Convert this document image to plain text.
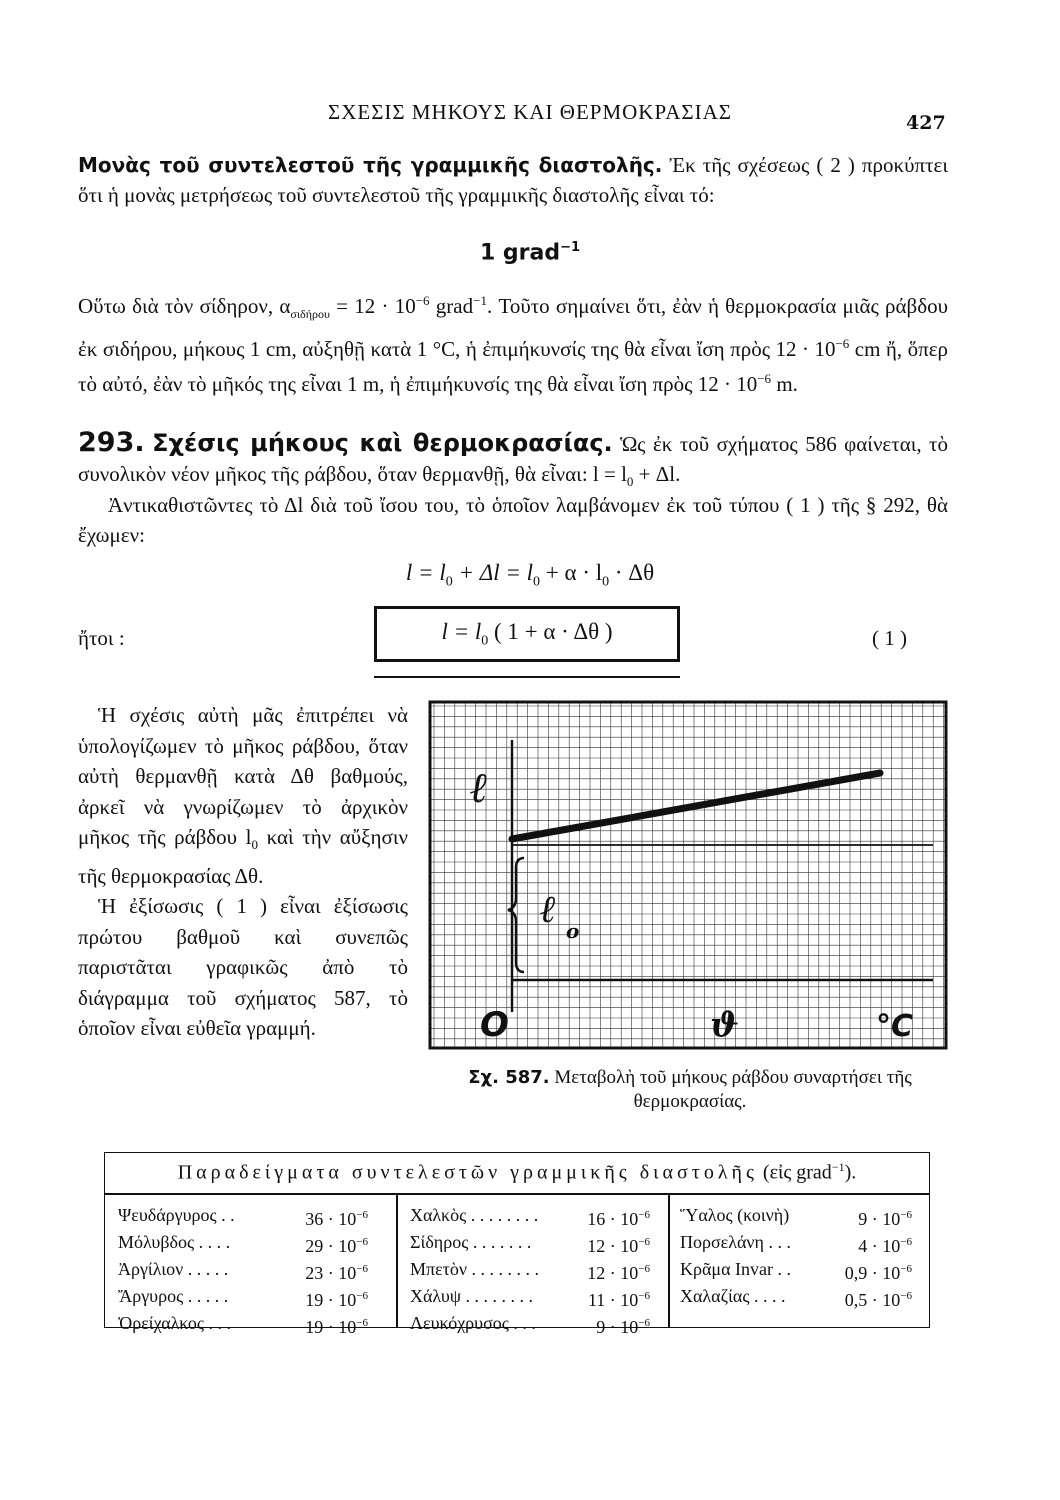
ΣΧΕΣΙΣ ΜΗΚΟΥΣ ΚΑΙ ΘΕΡΜΟΚΡΑΣΙΑΣ	427
Μονὰς τοῦ συντελεστοῦ τῆς γραμμικῆς διαστολῆς. Ἐκ τῆς σχέσεως ( 2 ) προκύπτει ὅτι ἡ μονὰς μετρήσεως τοῦ συντελεστοῦ τῆς γραμμικῆς διαστολῆς εἶναι τό:
1 grad$^{-1}$
Οὕτω διὰ τὸν σίδηρον, $\alpha_{\sigma\iota\delta ή\rho o\upsilon} = 12 \cdot 10^{-6}$ grad$^{-1}$. Τοῦτο σημαίνει ὅτι, ἐὰν ἡ θερμοκρασία μιᾶς ράβδου ἐκ σιδήρου, μήκους 1 cm, αὐξηθῇ κατὰ 1 °C, ἡ ἐπιμήκυνσίς της θὰ εἶναι ἴση πρὸς $12 \cdot 10^{-6}$ cm ἤ, ὅπερ τὸ αὐτό, ἐὰν τὸ μῆκός της εἶναι 1 m, ἡ ἐπιμήκυνσίς της θὰ εἶναι ἴση πρὸς $12 \cdot 10^{-6}$ m.
293. Σχέσις μήκους καὶ θερμοκρασίας. Ὡς ἐκ τοῦ σχήματος 586 φαίνεται, τὸ συνολικὸν νέον μῆκος τῆς ράβδου, ὅταν θερμανθῇ, θὰ εἶναι: $l = l_0 + \Delta l$.
Ἀντικαθιστῶντες τὸ Δl διὰ τοῦ ἴσου του, τὸ ὁποῖον λαμβάνομεν ἐκ τοῦ τύπου ( 1 ) τῆς § 292, θὰ ἔχωμεν:
$l = l_0 + \Delta l = l_0 + \alpha \cdot l_0 \cdot \Delta\theta$
ἤτοι :	$l = l_0$ ( 1 + α · Δθ )	( 1 )
Ἡ σχέσις αὐτὴ μᾶς ἐπιτρέπει νὰ ὑπολογίζωμεν τὸ μῆκος ράβδου, ὅταν αὐτὴ θερμανθῇ κατὰ Δθ βαθμούς, ἀρκεῖ νὰ γνωρίζωμεν τὸ ἀρχικὸν μῆκος τῆς ράβδου $l_0$ καὶ τὴν αὔξησιν τῆς θερμοκρασίας Δθ.
Ἡ ἐξίσωσις ( 1 ) εἶναι ἐξίσωσις πρώτου βαθμοῦ καὶ συνεπῶς παριστᾶται γραφικῶς ἀπὸ τὸ διάγραμμα τοῦ σχήματος 587, τὸ ὁποῖον εἶναι εὐθεῖα γραμμή.
ℓ
ℓ o
O	ϑ	°C
Σχ. 587. Μεταβολὴ τοῦ μήκους ράβδου συναρτήσει τῆς θερμοκρασίας.
Παραδείγματα συντελεστῶν γραμμικῆς διαστολῆς (εἰς grad$^{-1}$).
Ψευδάργυρος . .	$36 \cdot 10^{-6}$
Μόλυβδος . . . .	$29 \cdot 10^{-6}$
Ἀργίλιον . . . . .	$23 \cdot 10^{-6}$
Ἄργυρος . . . . .	$19 \cdot 10^{-6}$
Ὀρείχαλκος . . .	$19 \cdot 10^{-6}$
Χαλκὸς . . . . . . . .	$16 \cdot 10^{-6}$
Σίδηρος . . . . . . .	$12 \cdot 10^{-6}$
Μπετὸν . . . . . . . .	$12 \cdot 10^{-6}$
Χάλυψ . . . . . . . .	$11 \cdot 10^{-6}$
Λευκόχρυσος . . .	$9 \cdot 10^{-6}$
Ὕαλος (κοινὴ)	$9 \cdot 10^{-6}$
Πορσελάνη . . .	$4 \cdot 10^{-6}$
Κρᾶμα Invar . .	$0,9 \cdot 10^{-6}$
Χαλαζίας . . . .	$0,5 \cdot 10^{-6}$
